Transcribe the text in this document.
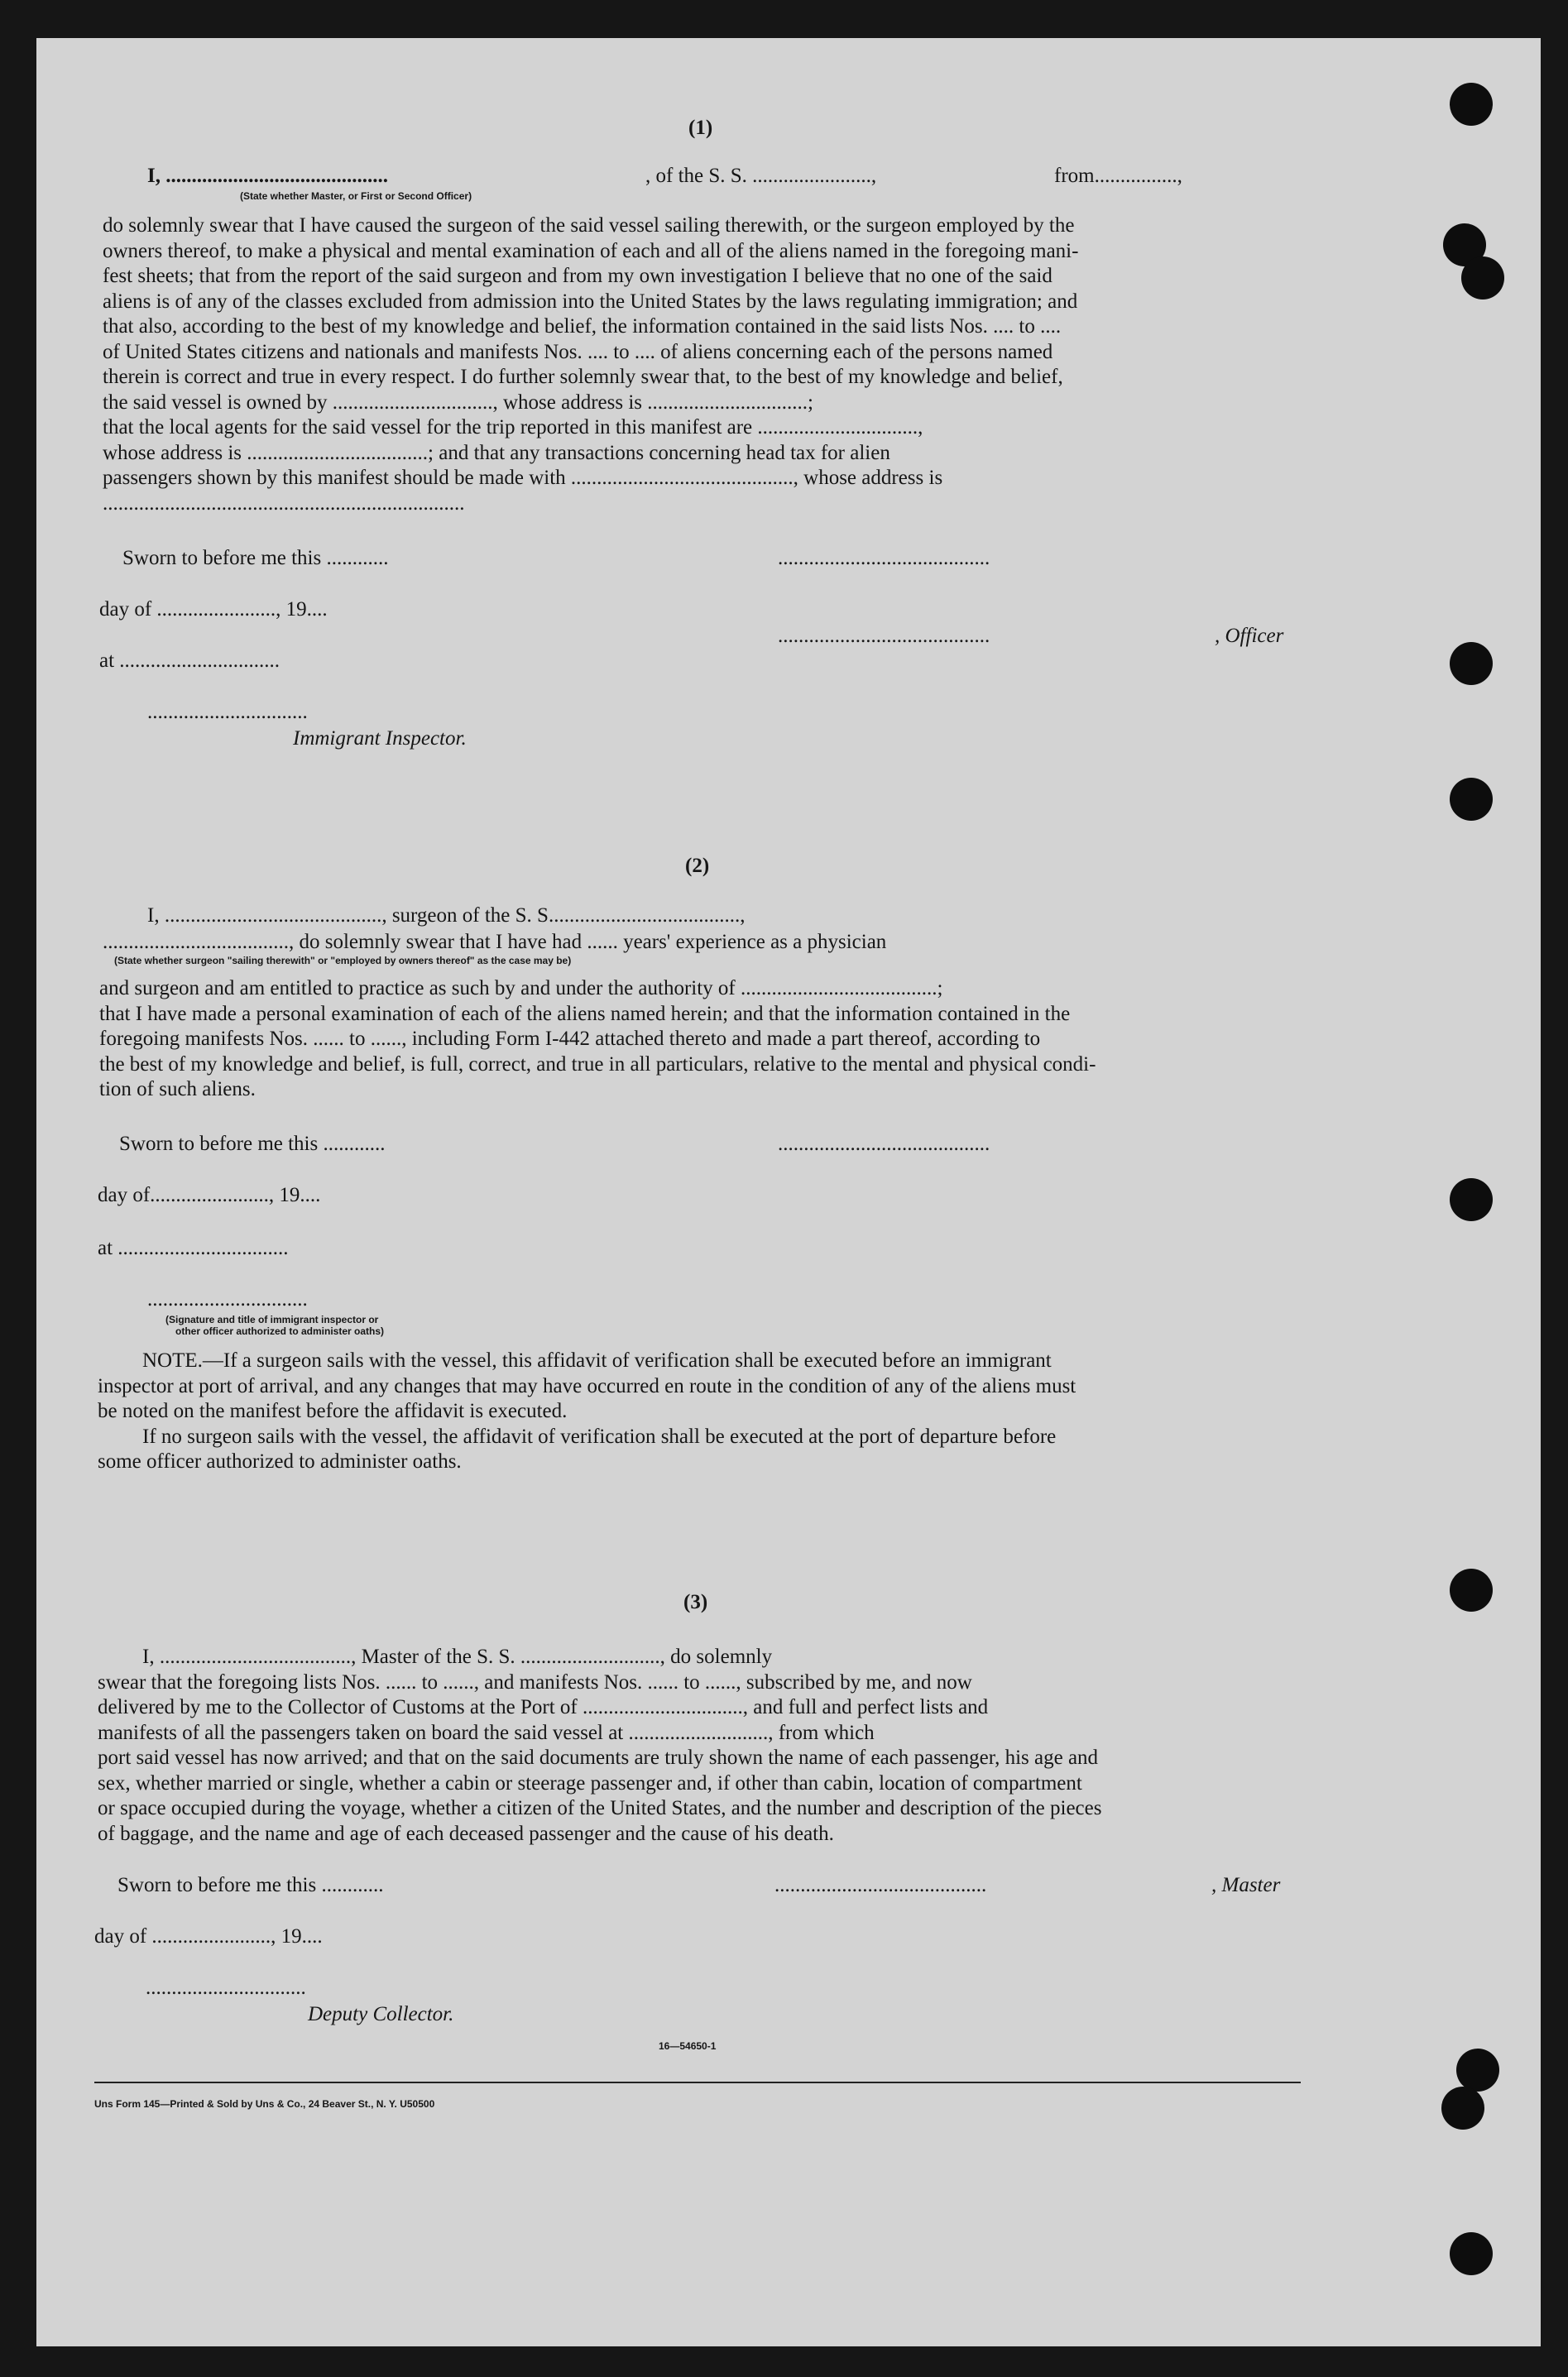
(1)
I, ...........................................	, of the S. S. .......................,	from................,
(State whether Master, or First or Second Officer)
do solemnly swear that I have caused the surgeon of the said vessel sailing therewith, or the surgeon employed by the
owners thereof, to make a physical and mental examination of each and all of the aliens named in the foregoing mani-
fest sheets; that from the report of the said surgeon and from my own investigation I believe that no one of the said
aliens is of any of the classes excluded from admission into the United States by the laws regulating immigration; and
that also, according to the best of my knowledge and belief, the information contained in the said lists Nos. .... to ....
of United States citizens and nationals and manifests Nos. .... to .... of aliens concerning each of the persons named
therein is correct and true in every respect. I do further solemnly swear that, to the best of my knowledge and belief,
the said vessel is owned by ..............................., whose address is ...............................;
that the local agents for the said vessel for the trip reported in this manifest are ...............................,
whose address is ...................................; and that any transactions concerning head tax for alien
passengers shown by this manifest should be made with ..........................................., whose address is
......................................................................
Sworn to before me this ............
day of ......................., 19....
at ...............................
...............................
Immigrant Inspector.
.........................................
.........................................	, Officer
(2)
I, .........................................., surgeon of the S. S.....................................,
...................................., do solemnly swear that I have had ...... years' experience as a physician
(State whether surgeon "sailing therewith" or "employed by owners thereof" as the case may be)
and surgeon and am entitled to practice as such by and under the authority of ......................................;
that I have made a personal examination of each of the aliens named herein; and that the information contained in the
foregoing manifests Nos. ...... to ......, including Form I-442 attached thereto and made a part thereof, according to
the best of my knowledge and belief, is full, correct, and true in all particulars, relative to the mental and physical condi-
tion of such aliens.
Sworn to before me this ............	.........................................
day of......................., 19....
at .................................
...............................
(Signature and title of immigrant inspector or
other officer authorized to administer oaths)
NOTE.—If a surgeon sails with the vessel, this affidavit of verification shall be executed before an immigrant
inspector at port of arrival, and any changes that may have occurred en route in the condition of any of the aliens must
be noted on the manifest before the affidavit is executed.
If no surgeon sails with the vessel, the affidavit of verification shall be executed at the port of departure before
some officer authorized to administer oaths.
(3)
I, ....................................., Master of the S. S. ..........................., do solemnly
swear that the foregoing lists Nos. ...... to ......, and manifests Nos. ...... to ......, subscribed by me, and now
delivered by me to the Collector of Customs at the Port of ..............................., and full and perfect lists and
manifests of all the passengers taken on board the said vessel at ..........................., from which
port said vessel has now arrived; and that on the said documents are truly shown the name of each passenger, his age and
sex, whether married or single, whether a cabin or steerage passenger and, if other than cabin, location of compartment
or space occupied during the voyage, whether a citizen of the United States, and the number and description of the pieces
of baggage, and the name and age of each deceased passenger and the cause of his death.
Sworn to before me this ............	.........................................	, Master
day of ......................., 19....
...............................
Deputy Collector.
16—54650-1
Uns Form 145—Printed & Sold by Uns & Co., 24 Beaver St., N. Y. U50500
